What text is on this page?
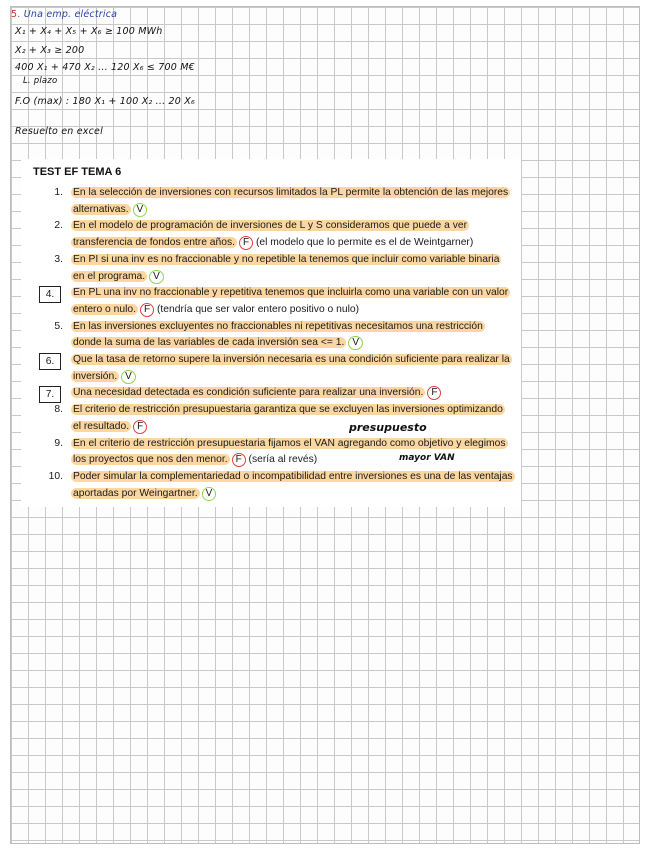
5. Una emp. eléctrica
X₁ + X₄ + X₅ + X₆ ≥ 100 MWh
X₂ + X₃ ≥ 200
400 X₁ + 470 X₂ ... 120 X₆ ≤ 700 M€
L. plazo
F.O (max) : 180 X₁ + 100 X₂ ... 20 X₆
Resuelto en excel
TEST EF TEMA 6
presupuesto
mayor VAN
1. En la selección de inversiones con recursos limitados la PL permite la obtención de las mejores alternativas. V
2. En el modelo de programación de inversiones de L y S consideramos que puede a ver transferencia de fondos entre años. F (el modelo que lo permite es el de Weintgarner)
3. En PI si una inv es no fraccionable y no repetible la tenemos que incluir como variable binaria en el programa. V
4.	En PL una inv no fraccionable y repetitiva tenemos que incluirla como una variable con un valor entero o nulo. F (tendría que ser valor entero positivo o nulo)
5. En las inversiones excluyentes no fraccionables ni repetitivas necesitamos una restricción donde la suma de las variables de cada inversión sea <= 1. V
6.	Que la tasa de retorno supere la inversión necesaria es una condición suficiente para realizar la inversión. V
7.	Una necesidad detectada es condición suficiente para realizar una inversión. F
8. El criterio de restricción presupuestaria garantiza que se excluyen las inversiones optimizando el resultado. F
9. En el criterio de restricción presupuestaria fijamos el VAN agregando como objetivo y elegimos los proyectos que nos den menor. F (sería al revés)
10. Poder simular la complementariedad o incompatibilidad entre inversiones es una de las ventajas aportadas por Weingartner. V
